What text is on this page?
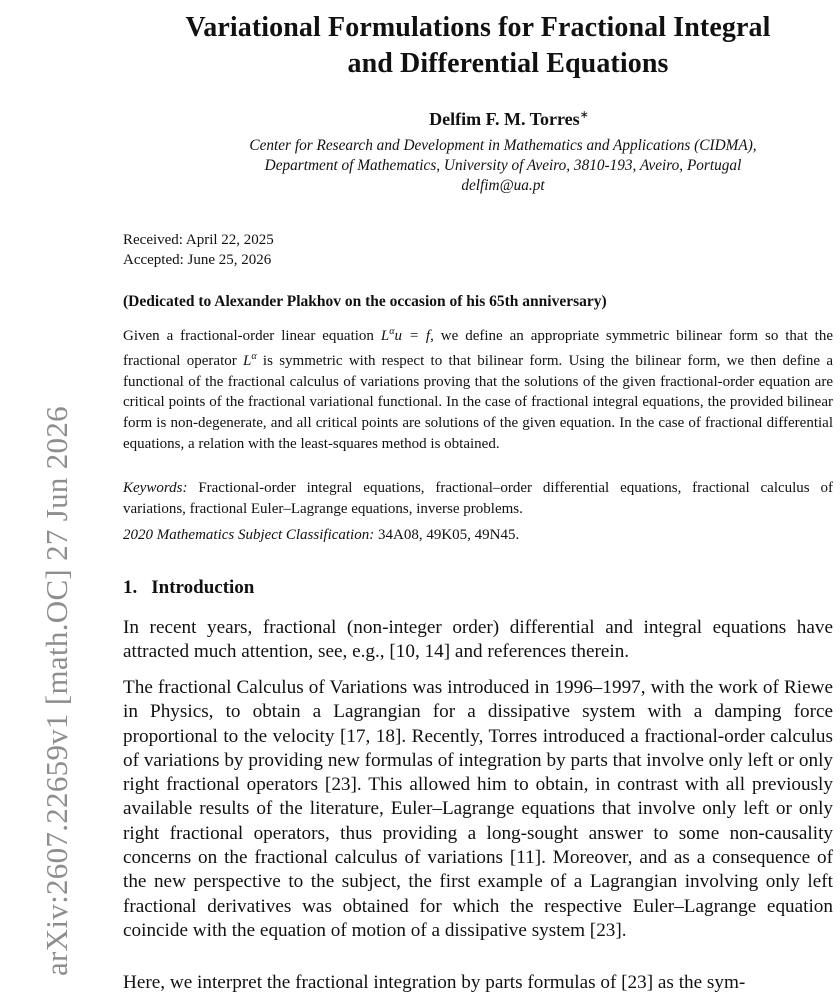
arXiv:2607.22659v1 [math.OC] 27 Jun 2026
Variational Formulations for Fractional Integral
and Differential Equations
Delfim F. M. Torres∗
Center for Research and Development in Mathematics and Applications (CIDMA),
Department of Mathematics, University of Aveiro, 3810-193, Aveiro, Portugal
delfim@ua.pt
Received: April 22, 2025
Accepted: June 25, 2026
(Dedicated to Alexander Plakhov on the occasion of his 65th anniversary)
Given a fractional-order linear equation $L^\alpha u = f$, we define an appropriate symmetric bilinear form so that the fractional operator $L^\alpha$ is symmetric with respect to that bilinear form. Using the bilinear form, we then define a functional of the fractional calculus of variations proving that the solutions of the given fractional-order equation are critical points of the fractional variational functional. In the case of fractional integral equations, the provided bilinear form is non-degenerate, and all critical points are solutions of the given equation. In the case of fractional differential equations, a relation with the least-squares method is obtained.
Keywords: Fractional-order integral equations, fractional–order differential equations, fractional calculus of variations, fractional Euler–Lagrange equations, inverse problems.
2020 Mathematics Subject Classification: 34A08, 49K05, 49N45.
1. Introduction
In recent years, fractional (non-integer order) differential and integral equations have attracted much attention, see, e.g., [10, 14] and references therein.
The fractional Calculus of Variations was introduced in 1996–1997, with the work of Riewe in Physics, to obtain a Lagrangian for a dissipative system with a damping force proportional to the velocity [17, 18]. Recently, Torres introduced a fractional-order calculus of variations by providing new formulas of integration by parts that involve only left or only right fractional operators [23]. This allowed him to obtain, in contrast with all previously available results of the literature, Euler–Lagrange equations that involve only left or only right fractional operators, thus providing a long-sought answer to some non-causality concerns on the fractional calculus of variations [11]. Moreover, and as a consequence of the new perspective to the subject, the first example of a Lagrangian involving only left fractional derivatives was obtained for which the respective Euler–Lagrange equation coincide with the equation of motion of a dissipative system [23].
Here, we interpret the fractional integration by parts formulas of [23] as the sym-
